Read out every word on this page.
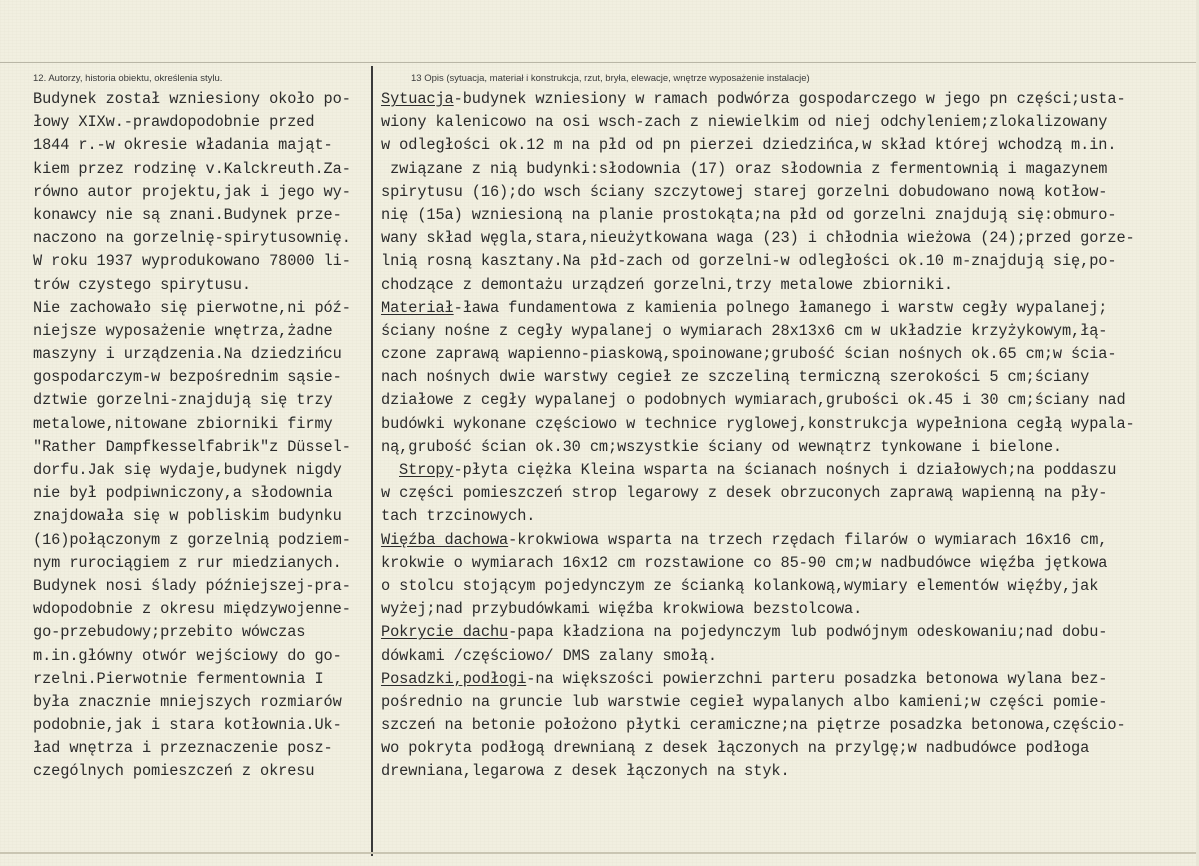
12. Autorzy, historia obiektu, określenia stylu.	13 Opis (sytuacja, materiał i konstrukcja, rzut, bryła, elewacje, wnętrze wyposażenie instalacje)
Budynek został wzniesiony około po-
łowy XIXw.-prawdopodobnie przed
1844 r.-w okresie władania mająt-
kiem przez rodzinę v.Kalckreuth.Za-
równo autor projektu,jak i jego wy-
konawcy nie są znani.Budynek prze-
naczono na gorzelnię-spirytusownię.
W roku 1937 wyprodukowano 78000 li-
trów czystego spirytusu.
Nie zachowało się pierwotne,ni póź-
niejsze wyposażenie wnętrza,żadne
maszyny i urządzenia.Na dziedzińcu
gospodarczym-w bezpośrednim sąsie-
dztwie gorzelni-znajdują się trzy
metalowe,nitowane zbiorniki firmy
"Rather Dampfkesselfabrik"z Düssel-
dorfu.Jak się wydaje,budynek nigdy
nie był podpiwniczony,a słodownia
znajdowała się w pobliskim budynku
(16)połączonym z gorzelnią podziem-
nym rurociągiem z rur miedzianych.
Budynek nosi ślady późniejszej-pra-
wdopodobnie z okresu międzywojenne-
go-przebudowy;przebito wówczas
m.in.główny otwór wejściowy do go-
rzelni.Pierwotnie fermentownia I
była znacznie mniejszych rozmiarów
podobnie,jak i stara kotłownia.Uk-
ład wnętrza i przeznaczenie posz-
czególnych pomieszczeń z okresu
Sytuacja-budynek wzniesiony w ramach podwórza gospodarczego w jego pn części;usta-
wiony kalenicowo na osi wsch-zach z niewielkim od niej odchyleniem;zlokalizowany
w odległości ok.12 m na płd od pn pierzei dziedzińca,w skład której wchodzą m.in.
związane z nią budynki:słodownia (17) oraz słodownia z fermentownią i magazynem
spirytusu (16);do wsch ściany szczytowej starej gorzelni dobudowano nową kotłow-
nię (15a) wzniesioną na planie prostokąta;na płd od gorzelni znajdują się:obmuro-
wany skład węgla,stara,nieużytkowana waga (23) i chłodnia wieżowa (24);przed gorze-
lnią rosną kasztany.Na płd-zach od gorzelni-w odległości ok.10 m-znajdują się,po-
chodzące z demontażu urządzeń gorzelni,trzy metalowe zbiorniki.
Materiał-ława fundamentowa z kamienia polnego łamanego i warstw cegły wypalanej;
ściany nośne z cegły wypalanej o wymiarach 28x13x6 cm w układzie krzyżykowym,łą-
czone zaprawą wapienno-piaskową,spoinowane;grubość ścian nośnych ok.65 cm;w ścia-
nach nośnych dwie warstwy cegieł ze szczeliną termiczną szerokości 5 cm;ściany
działowe z cegły wypalanej o podobnych wymiarach,grubości ok.45 i 30 cm;ściany nad
budówki wykonane częściowo w technice ryglowej,konstrukcja wypełniona cegłą wypala-
ną,grubość ścian ok.30 cm;wszystkie ściany od wewnątrz tynkowane i bielone.
Stropy-płyta ciężka Kleina wsparta na ścianach nośnych i działowych;na poddaszu
w części pomieszczeń strop legarowy z desek obrzuconych zaprawą wapienną na pły-
tach trzcinowych.
Więźba dachowa-krokwiowa wsparta na trzech rzędach filarów o wymiarach 16x16 cm,
krokwie o wymiarach 16x12 cm rozstawione co 85-90 cm;w nadbudówce więźba jętkowa
o stolcu stojącym pojedynczym ze ścianką kolankową,wymiary elementów więźby,jak
wyżej;nad przybudówkami więźba krokwiowa bezstolcowa.
Pokrycie dachu-papa kładziona na pojedynczym lub podwójnym odeskowaniu;nad dobu-
dówkami /częściowo/ DMS zalany smołą.
Posadzki,podłogi-na większości powierzchni parteru posadzka betonowa wylana bez-
pośrednio na gruncie lub warstwie cegieł wypalanych albo kamieni;w części pomie-
szczeń na betonie położono płytki ceramiczne;na piętrze posadzka betonowa,częścio-
wo pokryta podłogą drewnianą z desek łączonych na przylgę;w nadbudówce podłoga
drewniana,legarowa z desek łączonych na styk.
